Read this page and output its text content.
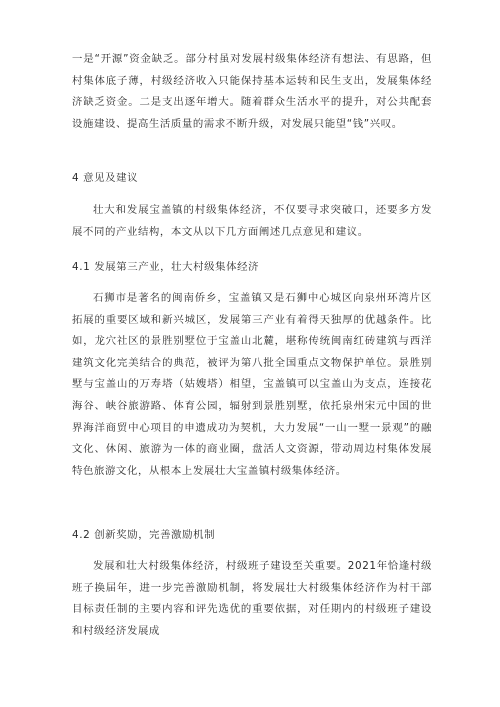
一是“开源”资金缺乏。部分村虽对发展村级集体经济有想法、有思路，但村集体底子薄，村级经济收入只能保持基本运转和民生支出，发展集体经济缺乏资金。二是支出逐年增大。随着群众生活水平的提升，对公共配套设施建设、提高生活质量的需求不断升级，对发展只能望“钱”兴叹。

4 意见及建议

壮大和发展宝盖镇的村级集体经济，不仅要寻求突破口，还要多方发展不同的产业结构，本文从以下几方面阐述几点意见和建议。

4.1 发展第三产业，壮大村级集体经济

石狮市是著名的闽南侨乡，宝盖镇又是石狮中心城区向泉州环湾片区拓展的重要区域和新兴城区，发展第三产业有着得天独厚的优越条件。比如，龙穴社区的景胜别墅位于宝盖山北麓，堪称传统闽南红砖建筑与西洋建筑文化完美结合的典范，被评为第八批全国重点文物保护单位。景胜别墅与宝盖山的万寿塔（姑嫂塔）相望，宝盖镇可以宝盖山为支点，连接花海谷、峡谷旅游路、体育公园，辐射到景胜别墅，依托泉州宋元中国的世界海洋商贸中心项目的申遗成功为契机，大力发展“一山一墅一景观”的融文化、休闲、旅游为一体的商业圈，盘活人文资源，带动周边村集体发展特色旅游文化，从根本上发展壮大宝盖镇村级集体经济。

4.2 创新奖励，完善激励机制

发展和壮大村级集体经济，村级班子建设至关重要。2021年恰逢村级班子换届年，进一步完善激励机制，将发展壮大村级集体经济作为村干部目标责任制的主要内容和评先选优的重要依据，对任期内的村级班子建设和村级经济发展成
